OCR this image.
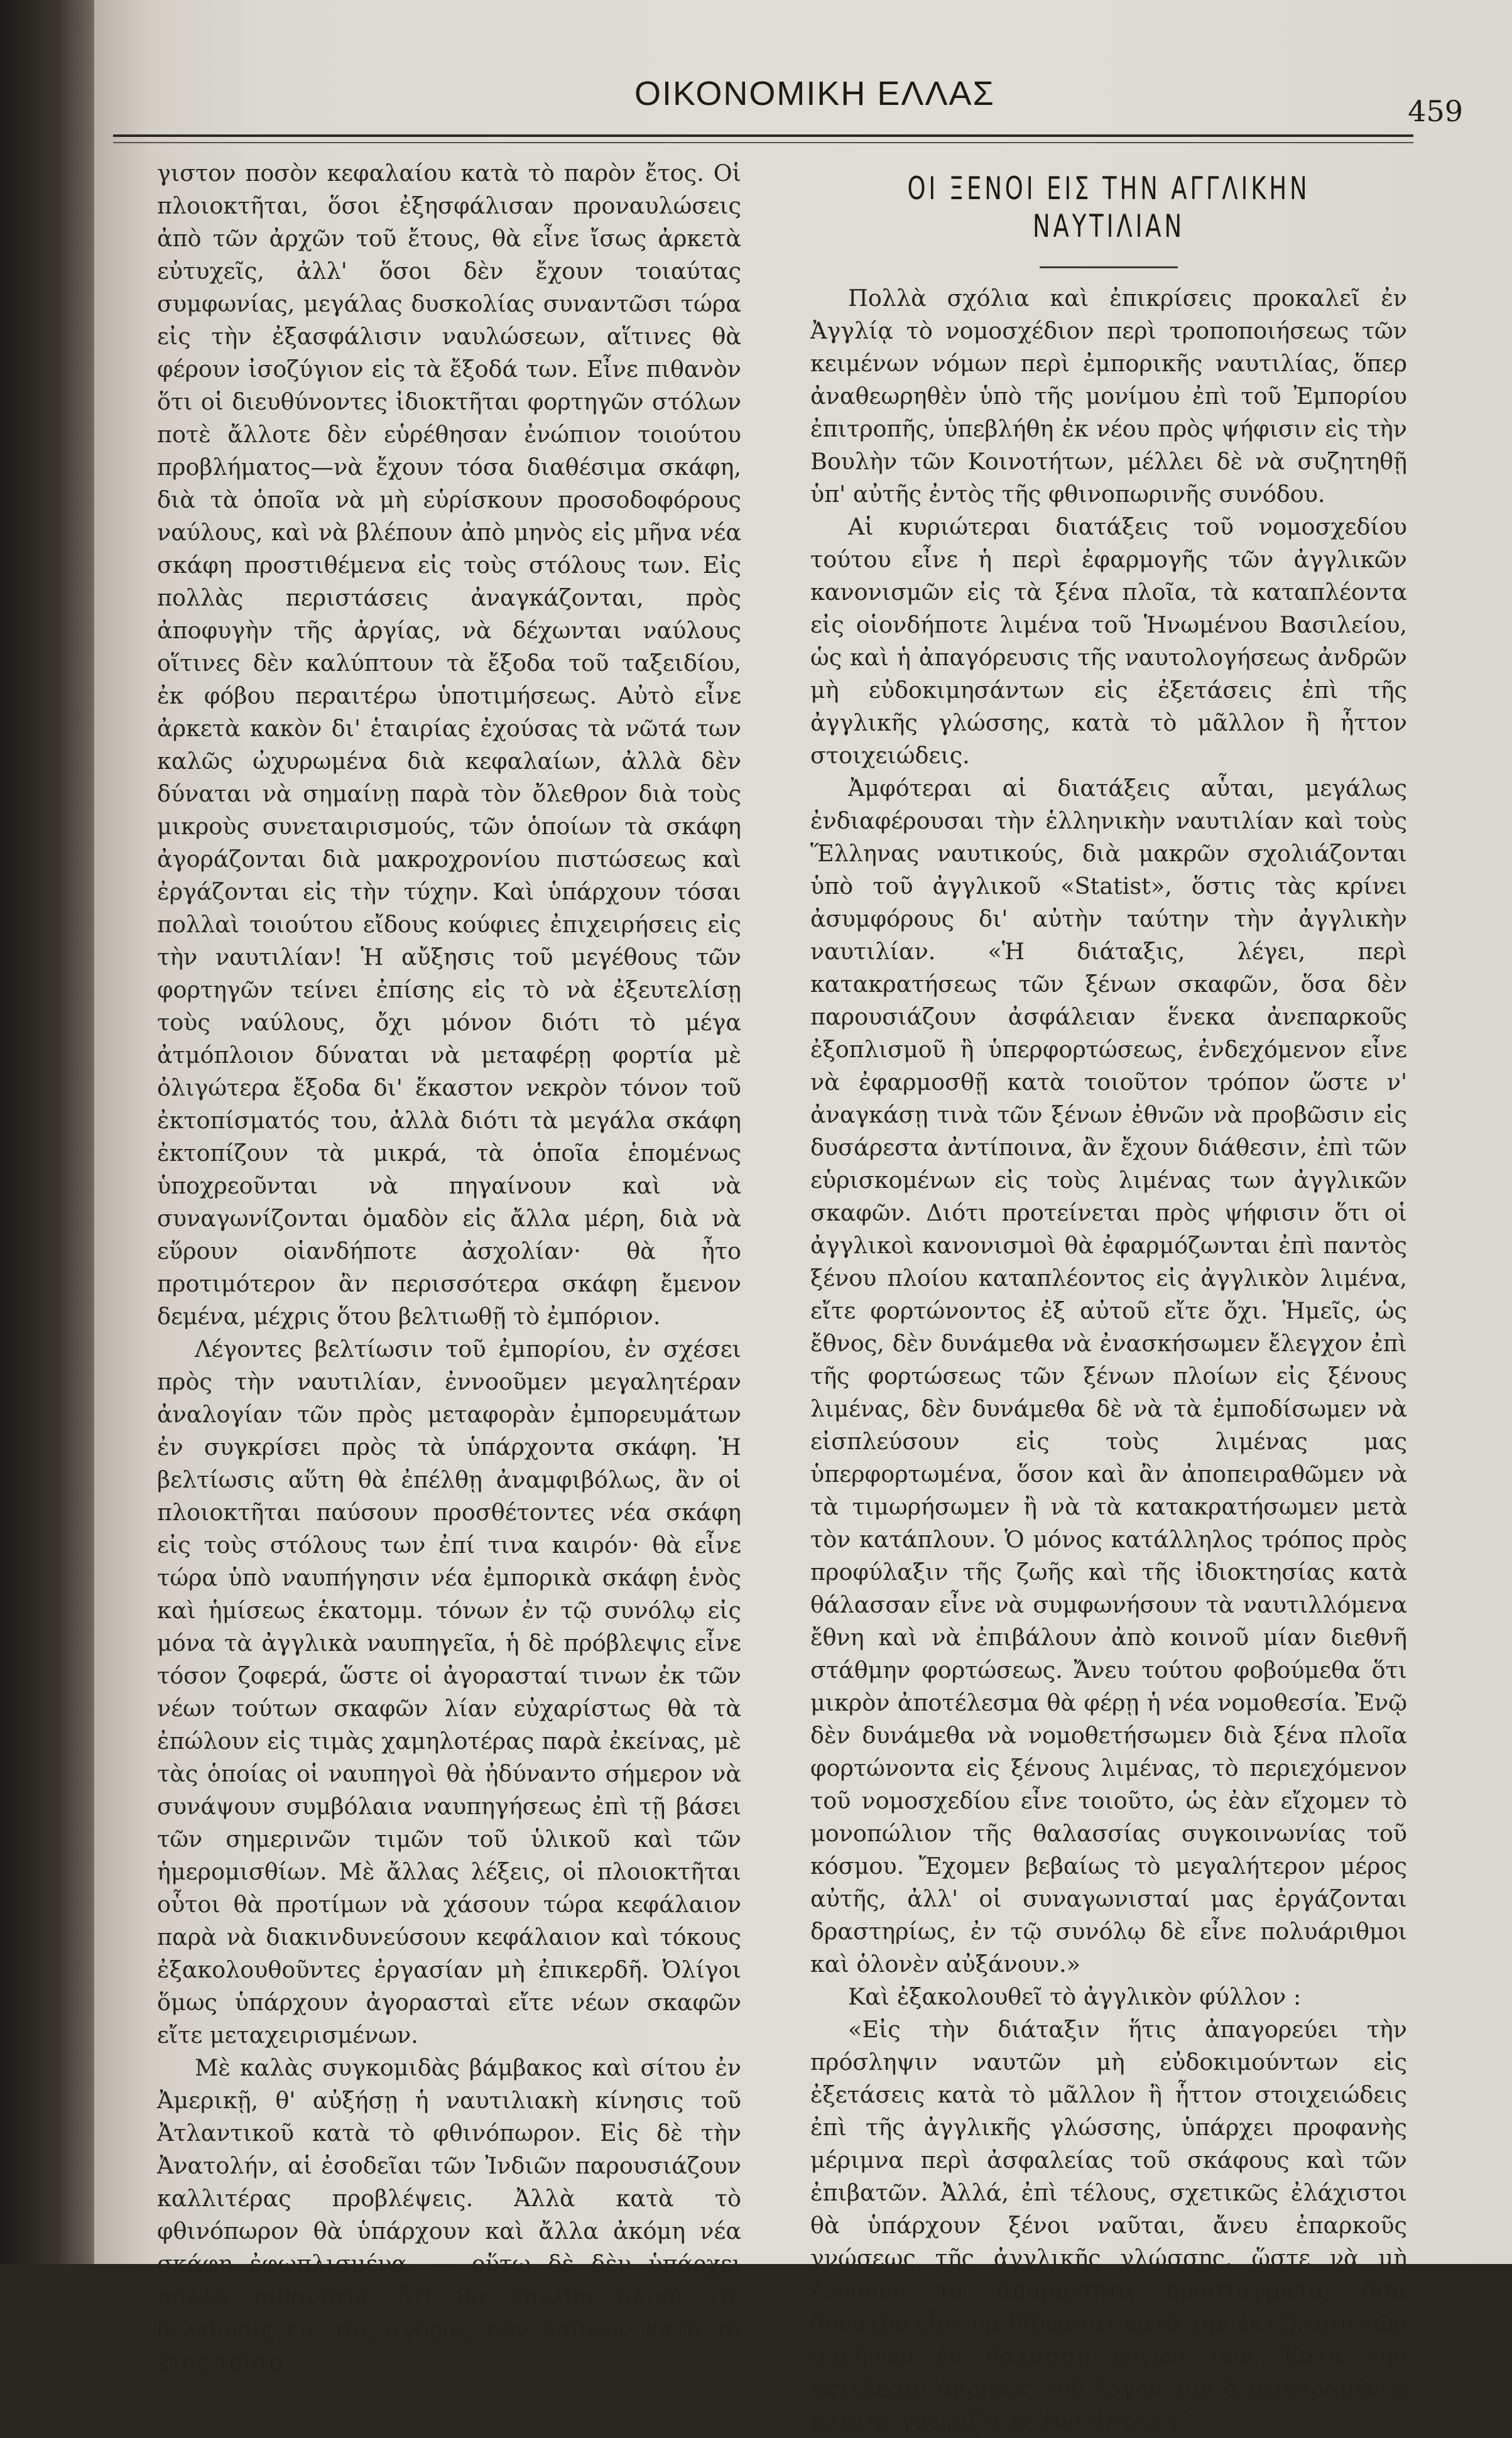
ΟΙΚΟΝΟΜΙΚΗ ΕΛΛΑΣ	459

γιστον ποσὸν κεφαλαίου κατὰ τὸ παρὸν ἔτος. Οἱ πλοιοκτῆται, ὅσοι ἐξησφάλισαν προναυλώσεις ἀπὸ τῶν ἀρχῶν τοῦ ἔτους, θὰ εἶνε ἴσως ἀρκετὰ εὐτυχεῖς, ἀλλ' ὅσοι δὲν ἔχουν τοιαύτας συμφωνίας, μεγάλας δυσκολίας συναντῶσι τώρα εἰς τὴν ἐξασφάλισιν ναυλώσεων, αἵτινες θὰ φέρουν ἰσοζύγιον εἰς τὰ ἔξοδά των. Εἶνε πιθανὸν ὅτι οἱ διευθύνοντες ἰδιοκτῆται φορτηγῶν στόλων ποτὲ ἄλλοτε δὲν εὑρέθησαν ἐνώπιον τοιούτου προβλήματος—νὰ ἔχουν τόσα διαθέσιμα σκάφη, διὰ τὰ ὁποῖα νὰ μὴ εὑρίσκουν προσοδοφόρους ναύλους, καὶ νὰ βλέπουν ἀπὸ μηνὸς εἰς μῆνα νέα σκάφη προστιθέμενα εἰς τοὺς στόλους των. Εἰς πολλὰς περιστάσεις ἀναγκάζονται, πρὸς ἀποφυγὴν τῆς ἀργίας, νὰ δέχωνται ναύλους οἵτινες δὲν καλύπτουν τὰ ἔξοδα τοῦ ταξειδίου, ἐκ φόβου περαιτέρω ὑποτιμήσεως. Αὐτὸ εἶνε ἀρκετὰ κακὸν δι' ἑταιρίας ἐχούσας τὰ νῶτά των καλῶς ὠχυρωμένα διὰ κεφαλαίων, ἀλλὰ δὲν δύναται νὰ σημαίνῃ παρὰ τὸν ὄλεθρον διὰ τοὺς μικροὺς συνεταιρισμούς, τῶν ὁποίων τὰ σκάφη ἀγοράζονται διὰ μακροχρονίου πιστώσεως καὶ ἐργάζονται εἰς τὴν τύχην. Καὶ ὑπάρχουν τόσαι πολλαὶ τοιούτου εἴδους κούφιες ἐπιχειρήσεις εἰς τὴν ναυτιλίαν! Ἡ αὔξησις τοῦ μεγέθους τῶν φορτηγῶν τείνει ἐπίσης εἰς τὸ νὰ ἐξευτελίσῃ τοὺς ναύλους, ὄχι μόνον διότι τὸ μέγα ἀτμόπλοιον δύναται νὰ μεταφέρῃ φορτία μὲ ὀλιγώτερα ἔξοδα δι' ἕκαστον νεκρὸν τόνον τοῦ ἐκτοπίσματός του, ἀλλὰ διότι τὰ μεγάλα σκάφη ἐκτοπίζουν τὰ μικρά, τὰ ὁποῖα ἑπομένως ὑποχρεοῦνται νὰ πηγαίνουν καὶ νὰ συναγωνίζονται ὁμαδὸν εἰς ἄλλα μέρη, διὰ νὰ εὕρουν οἱανδήποτε ἀσχολίαν· θὰ ἦτο προτιμότερον ἂν περισσότερα σκάφη ἔμενον δεμένα, μέχρις ὅτου βελτιωθῇ τὸ ἐμπόριον.

Λέγοντες βελτίωσιν τοῦ ἐμπορίου, ἐν σχέσει πρὸς τὴν ναυτιλίαν, ἐννοοῦμεν μεγαλητέραν ἀναλογίαν τῶν πρὸς μεταφορὰν ἐμπορευμάτων ἐν συγκρίσει πρὸς τὰ ὑπάρχοντα σκάφη. Ἡ βελτίωσις αὕτη θὰ ἐπέλθῃ ἀναμφιβόλως, ἂν οἱ πλοιοκτῆται παύσουν προσθέτοντες νέα σκάφη εἰς τοὺς στόλους των ἐπί τινα καιρόν· θὰ εἶνε τώρα ὑπὸ ναυπήγησιν νέα ἐμπορικὰ σκάφη ἑνὸς καὶ ἡμίσεως ἑκατομμ. τόνων ἐν τῷ συνόλῳ εἰς μόνα τὰ ἀγγλικὰ ναυπηγεῖα, ἡ δὲ πρόβλεψις εἶνε τόσον ζοφερά, ὥστε οἱ ἀγορασταί τινων ἐκ τῶν νέων τούτων σκαφῶν λίαν εὐχαρίστως θὰ τὰ ἐπώλουν εἰς τιμὰς χαμηλοτέρας παρὰ ἐκείνας, μὲ τὰς ὁποίας οἱ ναυπηγοὶ θὰ ἠδύναντο σήμερον νὰ συνάψουν συμβόλαια ναυπηγήσεως ἐπὶ τῇ βάσει τῶν σημερινῶν τιμῶν τοῦ ὑλικοῦ καὶ τῶν ἡμερομισθίων. Μὲ ἄλλας λέξεις, οἱ πλοιοκτῆται οὗτοι θὰ προτίμων νὰ χάσουν τώρα κεφάλαιον παρὰ νὰ διακινδυνεύσουν κεφάλαιον καὶ τόκους ἐξακολουθοῦντες ἐργασίαν μὴ ἐπικερδῆ. Ὀλίγοι ὅμως ὑπάρχουν ἀγορασταὶ εἴτε νέων σκαφῶν εἴτε μεταχειρισμένων.

Μὲ καλὰς συγκομιδὰς βάμβακος καὶ σίτου ἐν Ἀμερικῇ, θ' αὐξήσῃ ἡ ναυτιλιακὴ κίνησις τοῦ Ἀτλαντικοῦ κατὰ τὸ φθινόπωρον. Εἰς δὲ τὴν Ἀνατολήν, αἱ ἐσοδεῖαι τῶν Ἰνδιῶν παρουσιάζουν καλλιτέρας προβλέψεις. Ἀλλὰ κατὰ τὸ φθινόπωρον θὰ ὑπάρχουν καὶ ἄλλα ἀκόμη νέα σκάφη ἐφωπλισμένα, — οὕτω δὲ δὲν ὑπάρχει πολλὴ πιθανότης ὅτι θὰ ἐπέλθῃ ὑλικὴ τις βελτίωσις εἰς τὰς ἀγορὰς τῶν ναύλων κατὰ τὸ ἔτος τοῦτο.

ΟΙ ΞΕΝΟΙ ΕΙΣ ΤΗΝ ΑΓΓΛΙΚΗΝ ΝΑΥΤΙΛΙΑΝ

Πολλὰ σχόλια καὶ ἐπικρίσεις προκαλεῖ ἐν Ἀγγλίᾳ τὸ νομοσχέδιον περὶ τροποποιήσεως τῶν κειμένων νόμων περὶ ἐμπορικῆς ναυτιλίας, ὅπερ ἀναθεωρηθὲν ὑπὸ τῆς μονίμου ἐπὶ τοῦ Ἐμπορίου ἐπιτροπῆς, ὑπεβλήθη ἐκ νέου πρὸς ψήφισιν εἰς τὴν Βουλὴν τῶν Κοινοτήτων, μέλλει δὲ νὰ συζητηθῇ ὑπ' αὐτῆς ἐντὸς τῆς φθινοπωρινῆς συνόδου.

Αἱ κυριώτεραι διατάξεις τοῦ νομοσχεδίου τούτου εἶνε ἡ περὶ ἐφαρμογῆς τῶν ἀγγλικῶν κανονισμῶν εἰς τὰ ξένα πλοῖα, τὰ καταπλέοντα εἰς οἱονδήποτε λιμένα τοῦ Ἡνωμένου Βασιλείου, ὡς καὶ ἡ ἀπαγόρευσις τῆς ναυτολογήσεως ἀνδρῶν μὴ εὐδοκιμησάντων εἰς ἐξετάσεις ἐπὶ τῆς ἀγγλικῆς γλώσσης, κατὰ τὸ μᾶλλον ἢ ἧττον στοιχειώδεις.

Ἀμφότεραι αἱ διατάξεις αὗται, μεγάλως ἐνδιαφέρουσαι τὴν ἑλληνικὴν ναυτιλίαν καὶ τοὺς Ἕλληνας ναυτικούς, διὰ μακρῶν σχολιάζονται ὑπὸ τοῦ ἀγγλικοῦ «Statist», ὅστις τὰς κρίνει ἀσυμφόρους δι' αὐτὴν ταύτην τὴν ἀγγλικὴν ναυτιλίαν. «Ἡ διάταξις, λέγει, περὶ κατακρατήσεως τῶν ξένων σκαφῶν, ὅσα δὲν παρουσιάζουν ἀσφάλειαν ἕνεκα ἀνεπαρκοῦς ἐξοπλισμοῦ ἢ ὑπερφορτώσεως, ἐνδεχόμενον εἶνε νὰ ἐφαρμοσθῇ κατὰ τοιοῦτον τρόπον ὥστε ν' ἀναγκάσῃ τινὰ τῶν ξένων ἐθνῶν νὰ προβῶσιν εἰς δυσάρεστα ἀντίποινα, ἂν ἔχουν διάθεσιν, ἐπὶ τῶν εὑρισκομένων εἰς τοὺς λιμένας των ἀγγλικῶν σκαφῶν. Διότι προτείνεται πρὸς ψήφισιν ὅτι οἱ ἀγγλικοὶ κανονισμοὶ θὰ ἐφαρμόζωνται ἐπὶ παντὸς ξένου πλοίου καταπλέοντος εἰς ἀγγλικὸν λιμένα, εἴτε φορτώνοντος ἐξ αὐτοῦ εἴτε ὄχι. Ἡμεῖς, ὡς ἔθνος, δὲν δυνάμεθα νὰ ἐνασκήσωμεν ἔλεγχον ἐπὶ τῆς φορτώσεως τῶν ξένων πλοίων εἰς ξένους λιμένας, δὲν δυνάμεθα δὲ νὰ τὰ ἐμποδίσωμεν νὰ εἰσπλεύσουν εἰς τοὺς λιμένας μας ὑπερφορτωμένα, ὅσον καὶ ἂν ἀποπειραθῶμεν νὰ τὰ τιμωρήσωμεν ἢ νὰ τὰ κατακρατήσωμεν μετὰ τὸν κατάπλουν. Ὁ μόνος κατάλληλος τρόπος πρὸς προφύλαξιν τῆς ζωῆς καὶ τῆς ἰδιοκτησίας κατὰ θάλασσαν εἶνε νὰ συμφωνήσουν τὰ ναυτιλλόμενα ἔθνη καὶ νὰ ἐπιβάλουν ἀπὸ κοινοῦ μίαν διεθνῆ στάθμην φορτώσεως. Ἄνευ τούτου φοβούμεθα ὅτι μικρὸν ἀποτέλεσμα θὰ φέρῃ ἡ νέα νομοθεσία. Ἐνῷ δὲν δυνάμεθα νὰ νομοθετήσωμεν διὰ ξένα πλοῖα φορτώνοντα εἰς ξένους λιμένας, τὸ περιεχόμενον τοῦ νομοσχεδίου εἶνε τοιοῦτο, ὡς ἐὰν εἴχομεν τὸ μονοπώλιον τῆς θαλασσίας συγκοινωνίας τοῦ κόσμου. Ἔχομεν βεβαίως τὸ μεγαλήτερον μέρος αὐτῆς, ἀλλ' οἱ συναγωνισταί μας ἐργάζονται δραστηρίως, ἐν τῷ συνόλῳ δὲ εἶνε πολυάριθμοι καὶ ὁλονὲν αὐξάνουν.»

Καὶ ἐξακολουθεῖ τὸ ἀγγλικὸν φύλλον :

«Εἰς τὴν διάταξιν ἥτις ἀπαγορεύει τὴν πρόσληψιν ναυτῶν μὴ εὐδοκιμούντων εἰς ἐξετάσεις κατὰ τὸ μᾶλλον ἢ ἧττον στοιχειώδεις ἐπὶ τῆς ἀγγλικῆς γλώσσης, ὑπάρχει προφανὴς μέριμνα περὶ ἀσφαλείας τοῦ σκάφους καὶ τῶν ἐπιβατῶν. Ἀλλά, ἐπὶ τέλους, σχετικῶς ἐλάχιστοι θὰ ὑπάρχουν ξένοι ναῦται, ἄνευ ἐπαρκοῦς γνώσεως τῆς ἀγγλικῆς γλώσσης, ὥστε νὰ μὴ ἐννοοῦν τὰ ἀπαραίτητα προστάγματα, ὅσα δυνατὸν εἶνε νὰ δίδωνται κατὰ τὴν ἐκτέλεσιν τῶν συνήθων ἐν θαλάσσῃ ἔργων των. Κατὰ τὴν ἐκτέλεσιν ἀκριβῶς τοῦ ἔργου του ὁ πεπειραμένος ναύτης γνωρίζει ἐξ ἐνστίκτου τί
